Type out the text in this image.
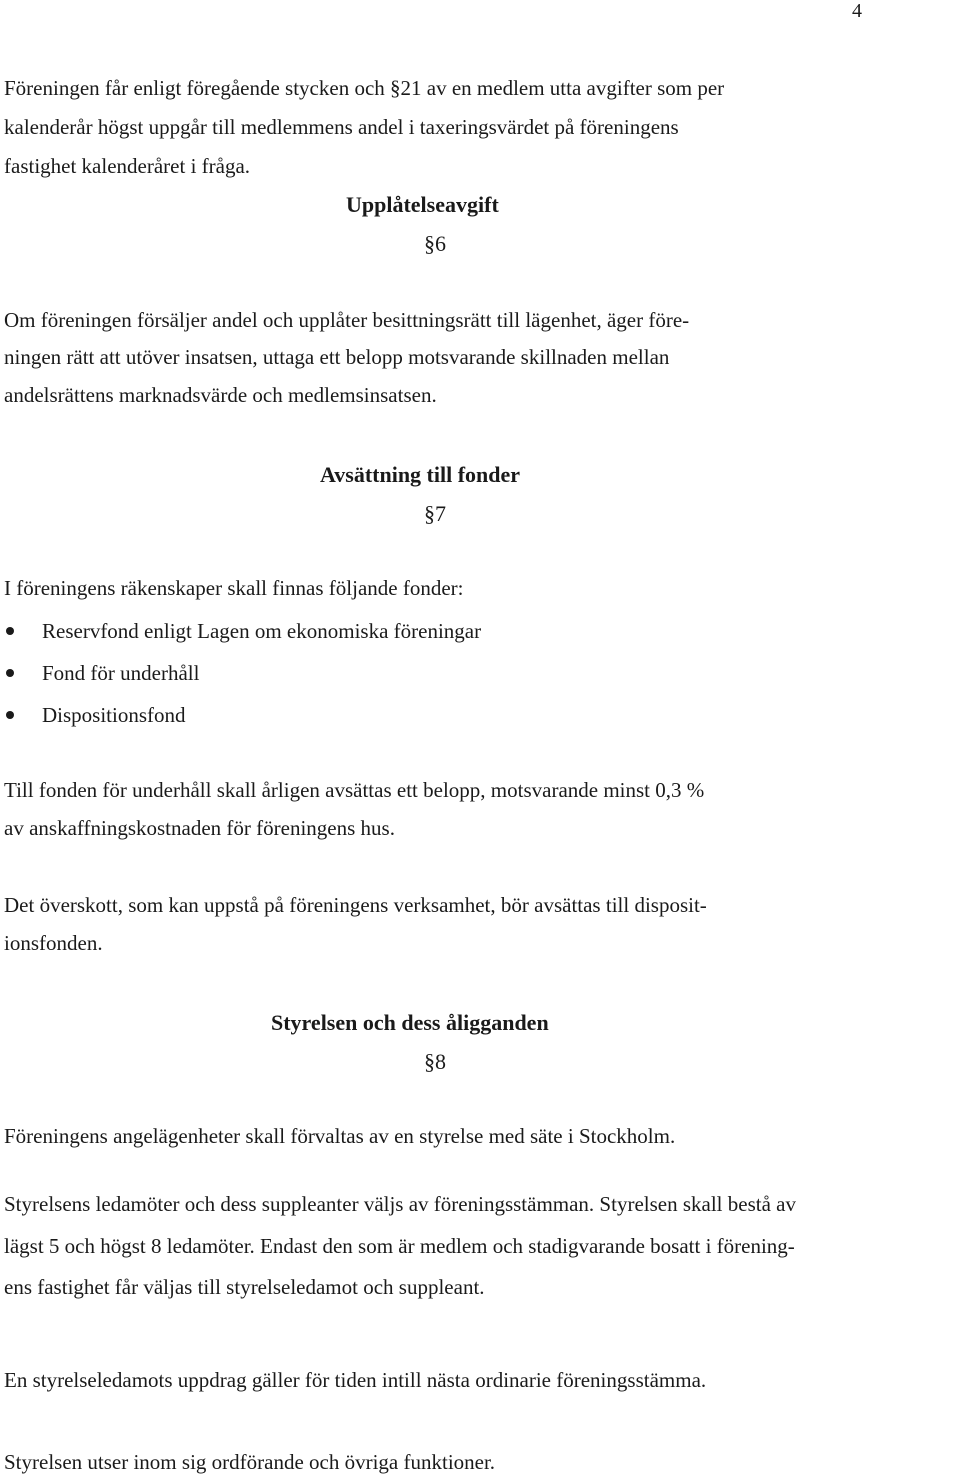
4
Föreningen får enligt föregående stycken och §21 av en medlem utta avgifter som per
kalenderår högst uppgår till medlemmens andel i taxeringsvärdet på föreningens
fastighet kalenderåret i fråga.
Upplåtelseavgift
§6
Om föreningen försäljer andel och upplåter besittningsrätt till lägenhet, äger före-
ningen rätt att utöver insatsen, uttaga ett belopp motsvarande skillnaden mellan
andelsrättens marknadsvärde och medlemsinsatsen.
Avsättning till fonder
§7
I föreningens räkenskaper skall finnas följande fonder:
Reservfond enligt Lagen om ekonomiska föreningar
Fond för underhåll
Dispositionsfond
Till fonden för underhåll skall årligen avsättas ett belopp, motsvarande minst 0,3 %
av anskaffningskostnaden för föreningens hus.
Det överskott, som kan uppstå på föreningens verksamhet, bör avsättas till disposit-
ionsfonden.
Styrelsen och dess åligganden
§8
Föreningens angelägenheter skall förvaltas av en styrelse med säte i Stockholm.
Styrelsens ledamöter och dess suppleanter väljs av föreningsstämman. Styrelsen skall bestå av
lägst 5 och högst 8 ledamöter. Endast den som är medlem och stadigvarande bosatt i förening-
ens fastighet får väljas till styrelseledamot och suppleant.
En styrelseledamots uppdrag gäller för tiden intill nästa ordinarie föreningsstämma.
Styrelsen utser inom sig ordförande och övriga funktioner.
